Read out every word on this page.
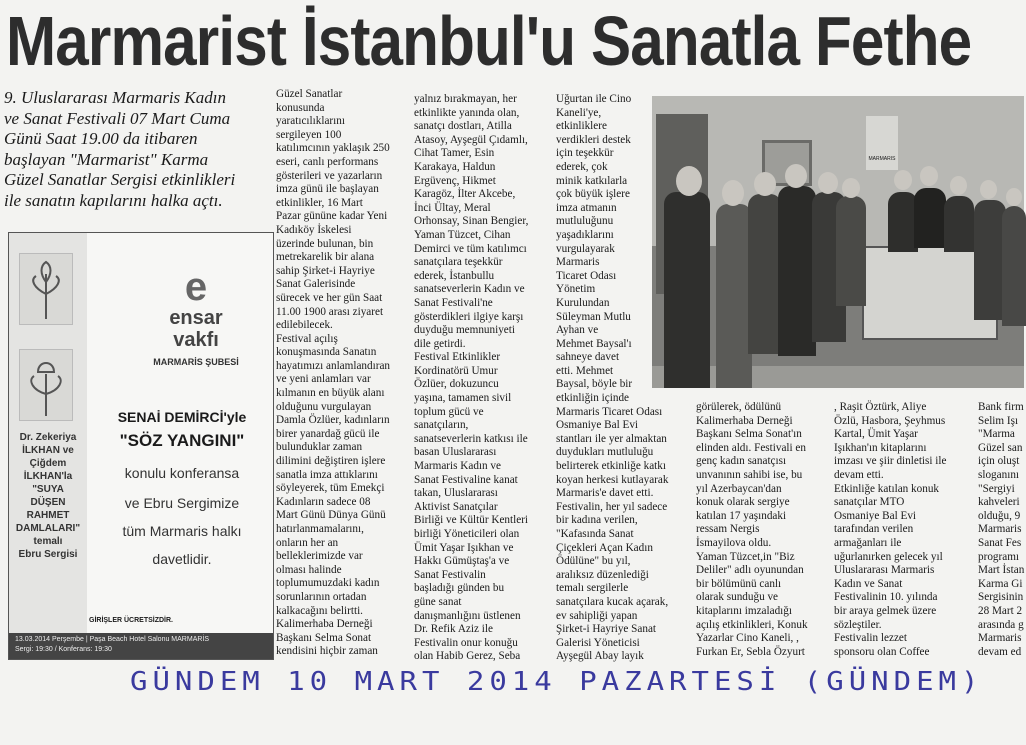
Marmarist İstanbul'u Sanatla Fethe
9. Uluslararası Marmaris Kadın
ve Sanat Festivali 07 Mart Cuma
Günü Saat 19.00 da itibaren
başlayan "Marmarist" Karma
Güzel Sanatlar Sergisi etkinlikleri
ile sanatın kapılarını halka açtı.
e
ensar
vakfı
MARMARİS ŞUBESİ
SENAİ DEMİRCİ'yle
"SÖZ YANGINI"
konulu konferansa
ve Ebru Sergimize
tüm Marmaris halkı
davetlidir.
Dr. Zekeriya
İLKHAN ve
Çiğdem
İLKHAN'la
"SUYA
DÜŞEN
RAHMET
DAMLALARI"
temalı
Ebru Sergisi
GİRİŞLER ÜCRETSİZDİR.
13.03.2014 Perşembe | Paşa Beach Hotel Salonu MARMARİS
Sergi: 19:30 / Konferans: 19:30
Güzel Sanatlar
konusunda
yaratıcılıklarını
sergileyen 100
katılımcının yaklaşık 250
eseri, canlı performans
gösterileri ve yazarların
imza günü ile başlayan
etkinlikler, 16 Mart
Pazar gününe kadar Yeni
Kadıköy İskelesi
üzerinde bulunan, bin
metrekarelik bir alana
sahip Şirket-i Hayriye
Sanat Galerisinde
sürecek ve her gün Saat
11.00 1900 arası ziyaret
edilebilecek.
Festival açılış
konuşmasında Sanatın
hayatımızı anlamlandıran
ve yeni anlamları var
kılmanın en büyük alanı
olduğunu vurgulayan
Damla Özlüer, kadınların
birer yanardağ gücü ile
bulunduklar zaman
dilimini değiştiren işlere
sanatla imza attıklarını
söyleyerek, tüm Emekçi
Kadınların sadece 08
Mart Günü Dünya Günü
hatırlanmamalarını,
onların her an
belleklerimizde var
olması halinde
toplumumuzdaki kadın
sorunlarının ortadan
kalkacağını belirtti.
Kalimerhaba Derneği
Başkanı Selma Sonat
kendisini hiçbir zaman
yalnız bırakmayan, her
etkinlikte yanında olan,
sanatçı dostları, Atilla
Atasoy, Ayşegül Çıdamlı,
Cihat Tamer, Esin
Karakaya, Haldun
Ergüvenç, Hikmet
Karagöz, İlter Akcebe,
İnci Ültay, Meral
Orhonsay, Sinan Bengier,
Yaman Tüzcet, Cihan
Demirci ve tüm katılımcı
sanatçılara teşekkür
ederek, İstanbullu
sanatseverlerin Kadın ve
Sanat Festivali'ne
gösterdikleri ilgiye karşı
duyduğu memnuniyeti
dile getirdi.
Festival Etkinlikler
Kordinatörü Umur
Özlüer, dokuzuncu
yaşına, tamamen sivil
toplum gücü ve
sanatçıların,
sanatseverlerin katkısı ile
basan Uluslararası
Marmaris Kadın ve
Sanat Festivaline kanat
takan, Uluslararası
Aktivist Sanatçılar
Birliği ve Kültür Kentleri
birliği Yöneticileri olan
Ümit Yaşar Işıkhan ve
Hakkı Gümüştaş'a ve
Sanat Festivalin
başladığı günden bu
güne sanat
danışmanlığını üstlenen
Dr. Refik Aziz ile
Festivalin onur konuğu
olan Habib Gerez, Seba
Uğurtan ile Cino
Kaneli'ye,
etkinliklere
verdikleri destek
için teşekkür
ederek, çok
minik katkılarla
çok büyük işlere
imza atmanın
mutluluğunu
yaşadıklarını
vurgulayarak
Marmaris
Ticaret Odası
Yönetim
Kurulundan
Süleyman Mutlu
Ayhan ve
Mehmet Baysal'ı
sahneye davet
etti. Mehmet
Baysal, böyle bir
etkinliğin içinde
Marmaris Ticaret Odası
Osmaniye Bal Evi
stantları ile yer almaktan
duydukları mutluluğu
belirterek etkinliğe katkı
koyan herkesi kutlayarak
Marmaris'e davet etti.
Festivalin, her yıl sadece
bir kadına verilen,
"Kafasında Sanat
Çiçekleri Açan Kadın
Ödülüne" bu yıl,
aralıksız düzenlediği
temalı sergilerle
sanatçılara kucak açarak,
ev sahipliği yapan
Şirket-i Hayriye Sanat
Galerisi Yöneticisi
Ayşegül Abay layık
görülerek, ödülünü
Kalimerhaba Derneği
Başkanı Selma Sonat'ın
elinden aldı. Festivali en
genç kadın sanatçısı
unvanının sahibi ise, bu
yıl Azerbaycan'dan
konuk olarak sergiye
katılan 17 yaşındaki
ressam Nergis
İsmayilova oldu.
Yaman Tüzcet,in "Biz
Deliler" adlı oyunundan
bir bölümünü canlı
olarak sunduğu ve
kitaplarını imzaladığı
açılış etkinlikleri, Konuk
Yazarlar Cino Kaneli, ,
Furkan Er, Sebla Özyurt
, Raşit Öztürk, Aliye
Özlü, Hasbora, Şeyhmus
Kartal, Ümit Yaşar
Işıkhan'ın kitaplarını
imzası ve şiir dinletisi ile
devam etti.
Etkinliğe katılan konuk
sanatçılar MTO
Osmaniye Bal Evi
tarafından verilen
armağanları ile
uğurlanırken gelecek yıl
Uluslararası Marmaris
Kadın ve Sanat
Festivalinin 10. yılında
bir araya gelmek üzere
sözleştiler.
Festivalin lezzet
sponsoru olan Coffee
Bank firm
Selim Işı
"Marma
Güzel san
için oluşt
sloganını
"Sergiyi
kahveleri
olduğu, 9
Marmaris
Sanat Fes
programı
Mart İstan
Karma Gi
Sergisinin
28 Mart 2
arasında g
Marmaris
devam ed
MARMARIS
GÜNDEM 10 MART 2014 PAZARTESİ (GÜNDEM)
